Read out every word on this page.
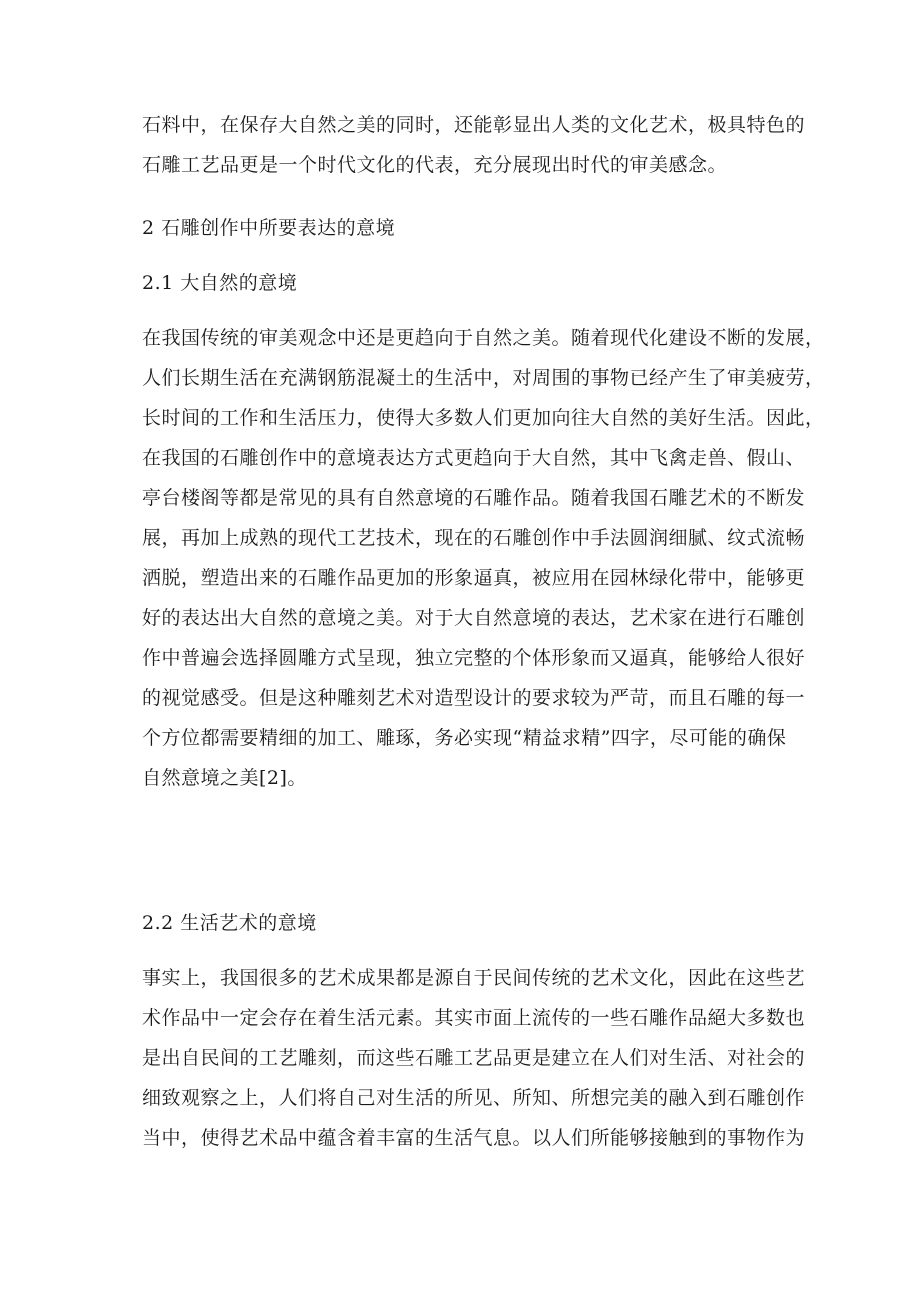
石料中，在保存大自然之美的同时，还能彰显出人类的文化艺术，极具特色的

石雕工艺品更是一个时代文化的代表，充分展现出时代的审美感念。

2 石雕创作中所要表达的意境

2.1 大自然的意境

在我国传统的审美观念中还是更趋向于自然之美。随着现代化建设不断的发展，

人们长期生活在充满钢筋混凝土的生活中，对周围的事物已经产生了审美疲劳，

长时间的工作和生活压力，使得大多数人们更加向往大自然的美好生活。因此，

在我国的石雕创作中的意境表达方式更趋向于大自然，其中飞禽走兽、假山、

亭台楼阁等都是常见的具有自然意境的石雕作品。随着我国石雕艺术的不断发

展，再加上成熟的现代工艺技术，现在的石雕创作中手法圆润细腻、纹式流畅

洒脱，塑造出来的石雕作品更加的形象逼真，被应用在园林绿化带中，能够更

好的表达出大自然的意境之美。对于大自然意境的表达，艺术家在进行石雕创

作中普遍会选择圆雕方式呈现，独立完整的个体形象而又逼真，能够给人很好

的视觉感受。但是这种雕刻艺术对造型设计的要求较为严苛，而且石雕的每一

个方位都需要精细的加工、雕琢，务必实现“精益求精”四字，尽可能的确保

自然意境之美[2]。

2.2 生活艺术的意境

事实上，我国很多的艺术成果都是源自于民间传统的艺术文化，因此在这些艺

术作品中一定会存在着生活元素。其实市面上流传的一些石雕作品絕大多数也

是出自民间的工艺雕刻，而这些石雕工艺品更是建立在人们对生活、对社会的

细致观察之上，人们将自己对生活的所见、所知、所想完美的融入到石雕创作

当中，使得艺术品中蕴含着丰富的生活气息。以人们所能够接触到的事物作为
